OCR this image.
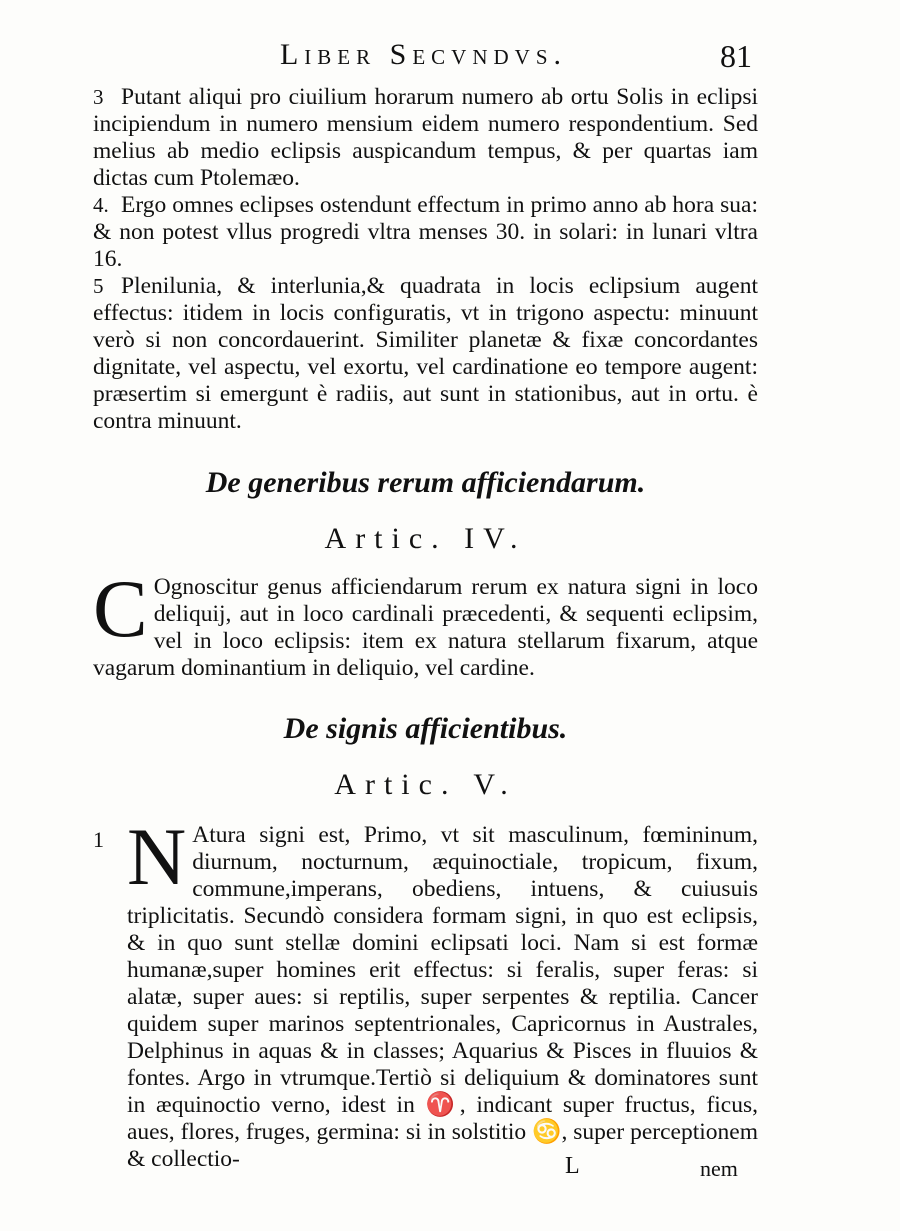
Liber Secvndvs.	81

3 Putant aliqui pro ciuilium horarum numero ab ortu Solis in eclipsi incipiendum in numero mensium eidem numero respondentium. Sed melius ab medio eclipsis auspicandum tempus, & per quartas iam dictas cum Ptolemæo.

4. Ergo omnes eclipses ostendunt effectum in primo anno ab hora sua: & non potest vllus progredi vltra menses 30. in solari: in lunari vltra 16.

5 Plenilunia, & interlunia,& quadrata in locis eclipsium augent effectus: itidem in locis configuratis, vt in trigono aspectu: minuunt verò si non concordauerint. Similiter planetæ & fixæ concordantes dignitate, vel aspectu, vel exortu, vel cardinatione eo tempore augent: præsertim si emergunt è radiis, aut sunt in stationibus, aut in ortu. è contra minuunt.

De generibus rerum afficiendarum.
Artic. IV.

C Ognoscitur genus afficiendarum rerum ex natura signi in loco deliquij, aut in loco cardinali præcedenti, & sequenti eclipsim, vel in loco eclipsis: item ex natura stellarum fixarum, atque vagarum dominantium in deliquio, vel cardine.

De signis afficientibus.
Artic. V.

1 N Atura signi est, Primo, vt sit masculinum, fœmininum, diurnum, nocturnum, æquinoctiale, tropicum, fixum, commune,imperans, obediens, intuens, & cuiusuis triplicitatis. Secundò considera formam signi, in quo est eclipsis, & in quo sunt stellæ domini eclipsati loci. Nam si est formæ humanæ,super homines erit effectus: si feralis, super feras: si alatæ, super aues: si reptilis, super serpentes & reptilia. Cancer quidem super marinos septentrionales, Capricornus in Australes, Delphinus in aquas & in classes; Aquarius & Pisces in fluuios & fontes. Argo in vtrumque.Tertiò si deliquium & dominatores sunt in æquinoctio verno, idest in ♈, indicant super fructus, ficus, aues, flores, fruges, germina: si in solstitio ♋, super perceptionem & collectio-	L	nem
